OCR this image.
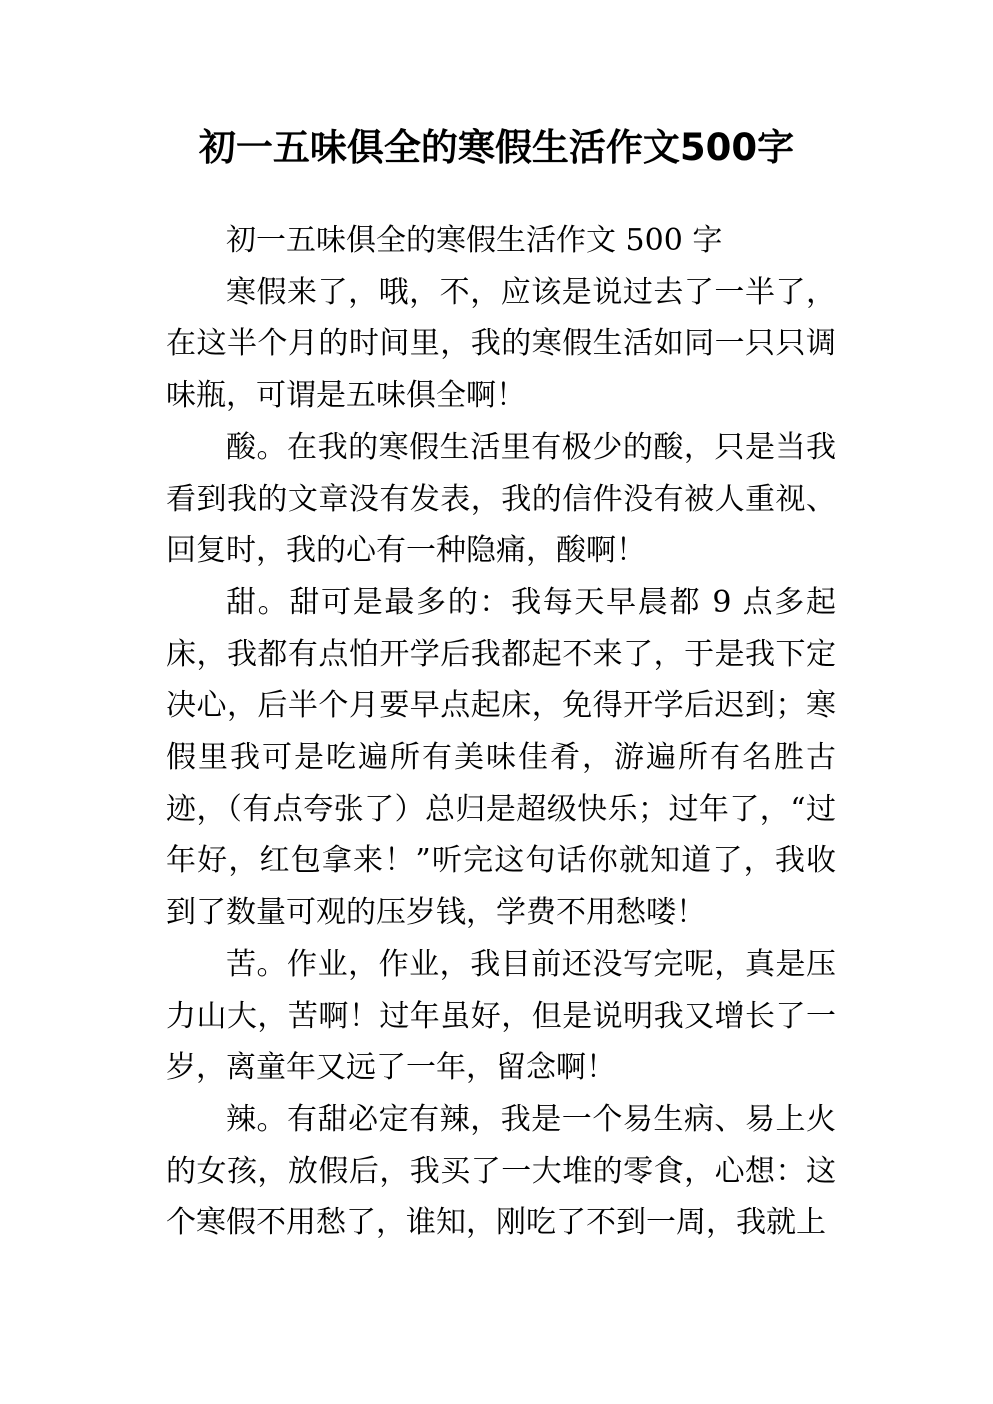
初一五味俱全的寒假生活作文500字

初一五味俱全的寒假生活作文 500 字

寒假来了，哦，不，应该是说过去了一半了，在这半个月的时间里，我的寒假生活如同一只只调味瓶，可谓是五味俱全啊！

酸。在我的寒假生活里有极少的酸，只是当我看到我的文章没有发表，我的信件没有被人重视、回复时，我的心有一种隐痛，酸啊！

甜。甜可是最多的：我每天早晨都 9 点多起床，我都有点怕开学后我都起不来了，于是我下定决心，后半个月要早点起床，免得开学后迟到；寒假里我可是吃遍所有美味佳肴，游遍所有名胜古迹，（有点夸张了）总归是超级快乐；过年了，“过年好，红包拿来！”听完这句话你就知道了，我收到了数量可观的压岁钱，学费不用愁喽！

苦。作业，作业，我目前还没写完呢，真是压力山大，苦啊！过年虽好，但是说明我又增长了一岁，离童年又远了一年，留念啊！

辣。有甜必定有辣，我是一个易生病、易上火的女孩，放假后，我买了一大堆的零食，心想：这个寒假不用愁了，谁知，刚吃了不到一周，我就上
